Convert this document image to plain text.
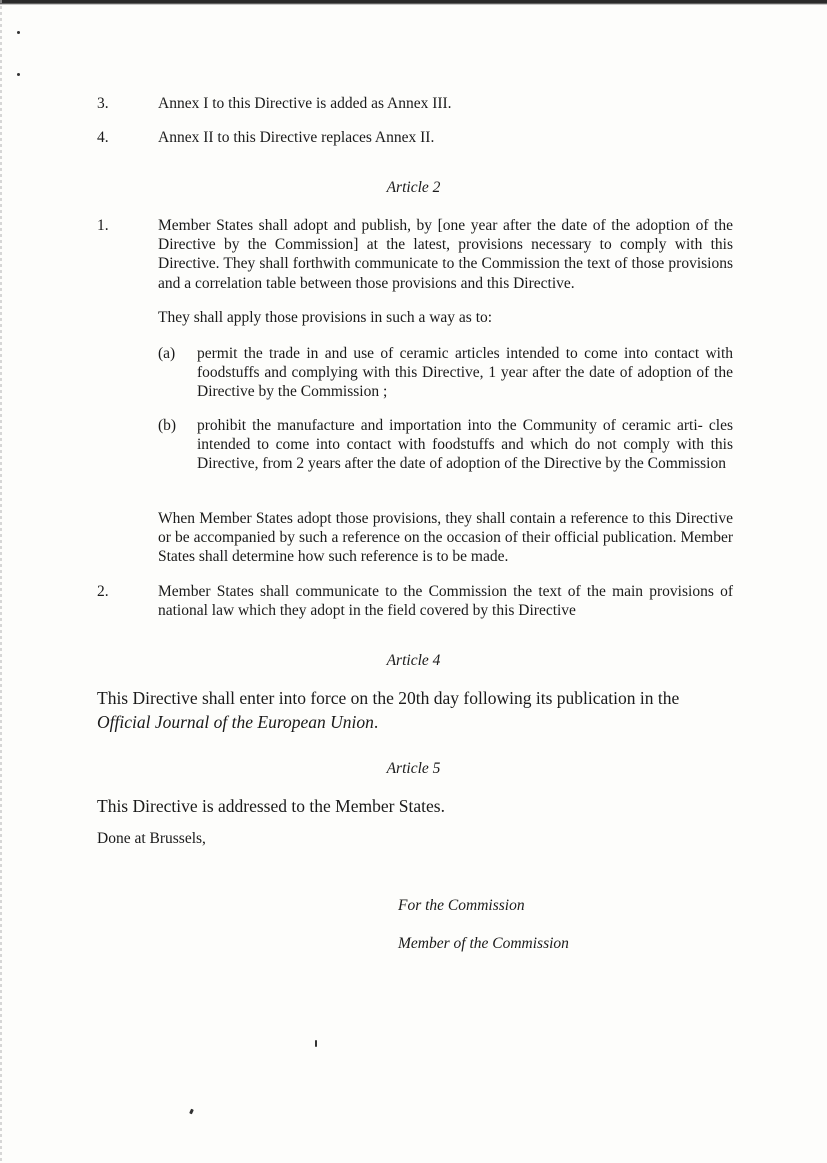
3.	Annex I to this Directive is added as Annex III.

4.	Annex II to this Directive replaces Annex II.

Article 2
1.	Member States shall adopt and publish, by [one year after the date of the adoption of the Directive by the Commission] at the latest, provisions necessary to comply with this Directive. They shall forthwith communicate to the Commission the text of those provisions and a correlation table between those provisions and this Directive.

They shall apply those provisions in such a way as to:

(a) permit the trade in and use of ceramic articles intended to come into contact with foodstuffs and complying with this Directive, 1 year after the date of adoption of the Directive by the Commission ;

(b) prohibit the manufacture and importation into the Community of ceramic arti- cles intended to come into contact with foodstuffs and which do not comply with this Directive, from 2 years after the date of adoption of the Directive by the Commission

When Member States adopt those provisions, they shall contain a reference to this Directive or be accompanied by such a reference on the occasion of their official publication. Member States shall determine how such reference is to be made.

2.	Member States shall communicate to the Commission the text of the main provisions of national law which they adopt in the field covered by this Directive

Article 4

This Directive shall enter into force on the 20th day following its publication in the Official Journal of the European Union.

Article 5

This Directive is addressed to the Member States.

Done at Brussels,

For the Commission
Member of the Commission
